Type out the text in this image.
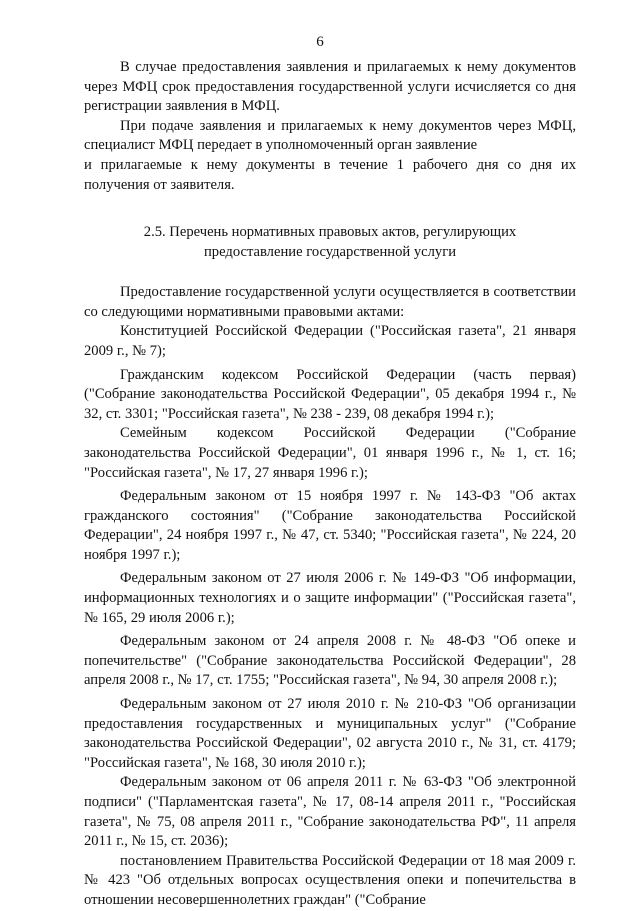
6

В случае предоставления заявления и прилагаемых к нему документов через МФЦ срок предоставления государственной услуги исчисляется со дня регистрации заявления в МФЦ.

При подаче заявления и прилагаемых к нему документов через МФЦ, специалист МФЦ передает в уполномоченный орган заявление

и прилагаемые к нему документы в течение 1 рабочего дня со дня их получения от заявителя.

2.5. Перечень нормативных правовых актов, регулирующих
предоставление государственной услуги

Предоставление государственной услуги осуществляется в соответствии со следующими нормативными правовыми актами:

Конституцией Российской Федерации ("Российская газета", 21 января 2009 г., № 7);

Гражданским кодексом Российской Федерации (часть первая) ("Собрание законодательства Российской Федерации", 05 декабря 1994 г., № 32, ст. 3301; "Российская газета", № 238 - 239, 08 декабря 1994 г.);

Семейным кодексом Российской Федерации ("Собрание законодательства Российской Федерации", 01 января 1996 г., № 1, ст. 16; "Российская газета", № 17, 27 января 1996 г.);

Федеральным законом от 15 ноября 1997 г. № 143-ФЗ "Об актах гражданского состояния" ("Собрание законодательства Российской Федерации", 24 ноября 1997 г., № 47, ст. 5340; "Российская газета", № 224, 20 ноября 1997 г.);

Федеральным законом от 27 июля 2006 г. № 149-ФЗ "Об информации, информационных технологиях и о защите информации" ("Российская газета", № 165, 29 июля 2006 г.);

Федеральным законом от 24 апреля 2008 г. № 48-ФЗ "Об опеке и попечительстве" ("Собрание законодательства Российской Федерации", 28 апреля 2008 г., № 17, ст. 1755; "Российская газета", № 94, 30 апреля 2008 г.);

Федеральным законом от 27 июля 2010 г. № 210-ФЗ "Об организации предоставления государственных и муниципальных услуг" ("Собрание законодательства Российской Федерации", 02 августа 2010 г., № 31, ст. 4179; "Российская газета", № 168, 30 июля 2010 г.);

Федеральным законом от 06 апреля 2011 г. № 63-ФЗ "Об электронной подписи" ("Парламентская газета", № 17, 08-14 апреля 2011 г., "Российская газета", № 75, 08 апреля 2011 г., "Собрание законодательства РФ", 11 апреля 2011 г., № 15, ст. 2036);

постановлением Правительства Российской Федерации от 18 мая 2009 г. № 423 "Об отдельных вопросах осуществления опеки и попечительства в отношении несовершеннолетних граждан" ("Собрание
